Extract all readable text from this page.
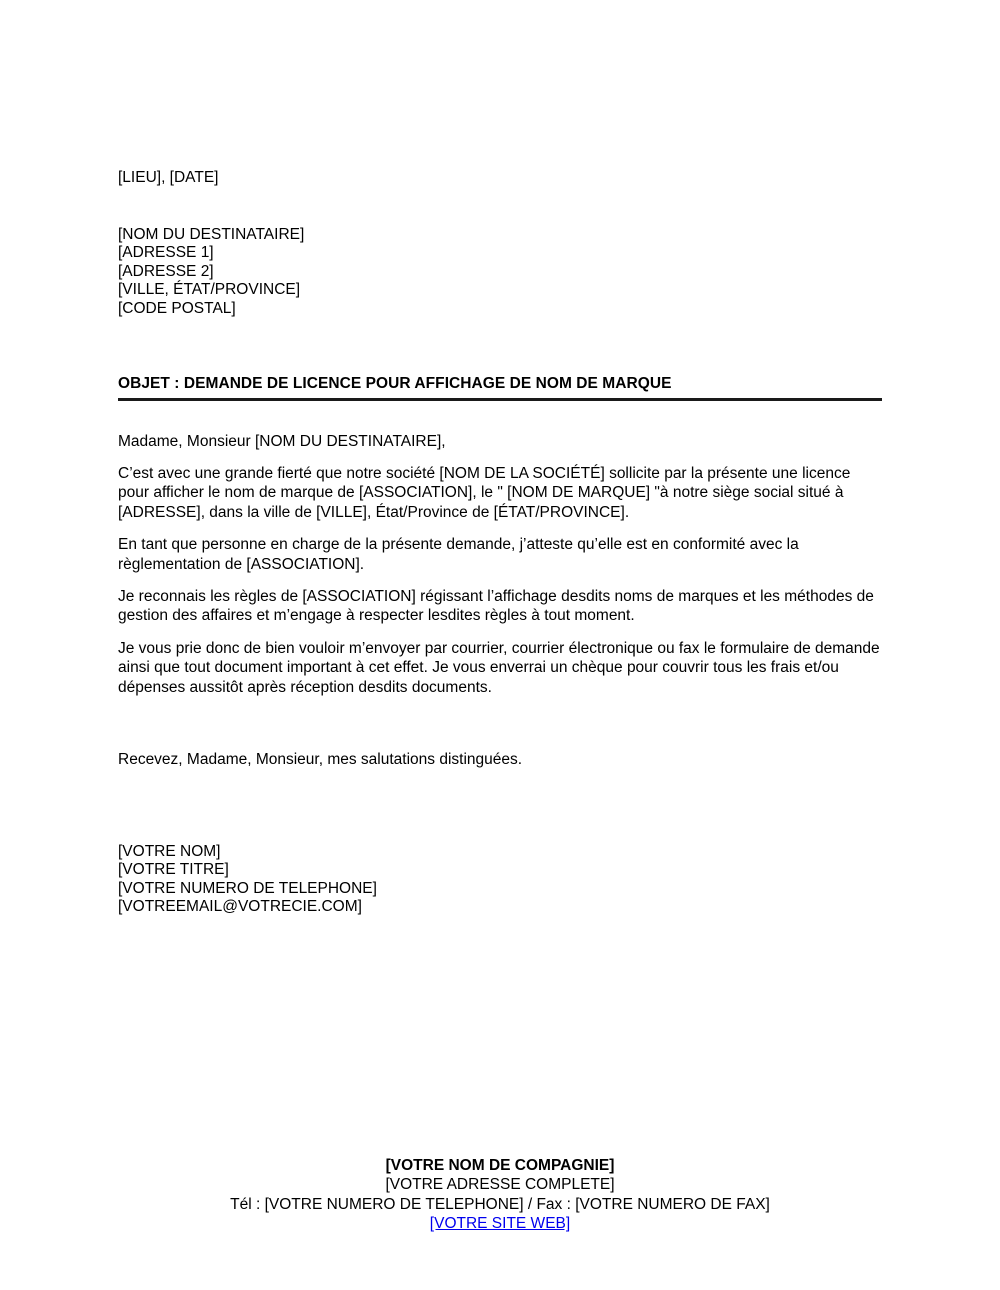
[LIEU], [DATE]
[NOM DU DESTINATAIRE]
[ADRESSE 1]
[ADRESSE 2]
[VILLE, ÉTAT/PROVINCE]
[CODE POSTAL]
OBJET : DEMANDE DE LICENCE POUR AFFICHAGE DE NOM DE MARQUE
Madame, Monsieur [NOM DU DESTINATAIRE],

C’est avec une grande fierté que notre société [NOM DE LA SOCIÉTÉ] sollicite par la présente une licence pour afficher le nom de marque de [ASSOCIATION], le " [NOM DE MARQUE] "à notre siège social situé à [ADRESSE], dans la ville de [VILLE], État/Province de [ÉTAT/PROVINCE].

En tant que personne en charge de la présente demande, j’atteste qu’elle est en conformité avec la règlementation de [ASSOCIATION].

Je reconnais les règles de [ASSOCIATION] régissant l’affichage desdits noms de marques et les méthodes de gestion des affaires et m’engage à respecter lesdites règles à tout moment.

Je vous prie donc de bien vouloir m’envoyer par courrier, courrier électronique ou fax le formulaire de demande ainsi que tout document important à cet effet. Je vous enverrai un chèque pour couvrir tous les frais et/ou dépenses aussitôt après réception desdits documents.

Recevez, Madame, Monsieur, mes salutations distinguées.
[VOTRE NOM]
[VOTRE TITRE]
[VOTRE NUMERO DE TELEPHONE]
[VOTREEMAIL@VOTRECIE.COM]
[VOTRE NOM DE COMPAGNIE]
[VOTRE ADRESSE COMPLETE]
Tél : [VOTRE NUMERO DE TELEPHONE] / Fax : [VOTRE NUMERO DE FAX]
[VOTRE SITE WEB]
